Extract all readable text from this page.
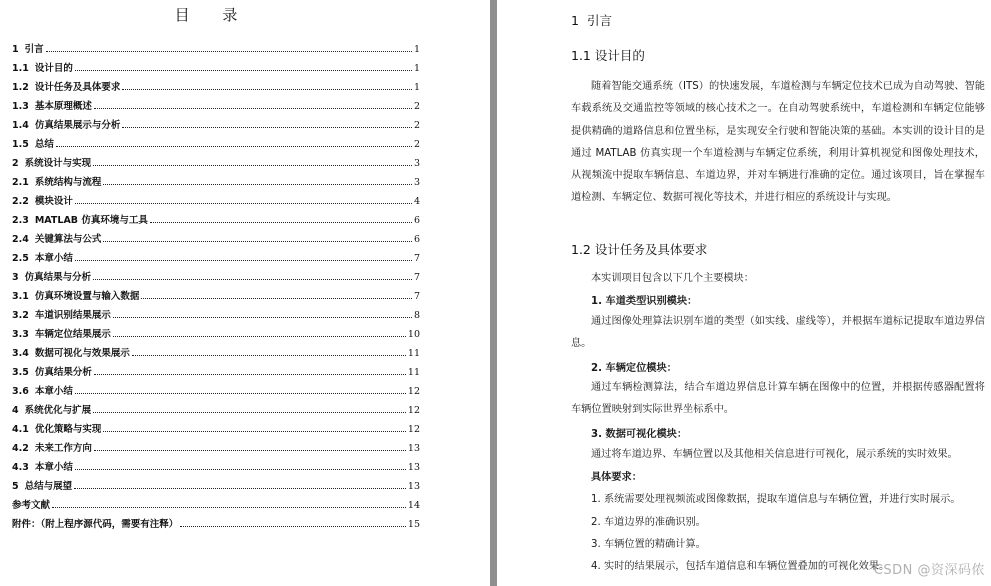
目 录
1 引言	1
1.1 设计目的	1
1.2 设计任务及具体要求	1
1.3 基本原理概述	2
1.4 仿真结果展示与分析	2
1.5 总结	2
2 系统设计与实现	3
2.1 系统结构与流程	3
2.2 模块设计	4
2.3 MATLAB 仿真环境与工具	6
2.4 关键算法与公式	6
2.5 本章小结	7
3 仿真结果与分析	7
3.1 仿真环境设置与输入数据	7
3.2 车道识别结果展示	8
3.3 车辆定位结果展示	10
3.4 数据可视化与效果展示	11
3.5 仿真结果分析	11
3.6 本章小结	12
4 系统优化与扩展	12
4.1 优化策略与实现	12
4.2 未来工作方向	13
4.3 本章小结	13
5 总结与展望	13
参考文献	14
附件：（附上程序源代码，需要有注释）	15
1 引言
1.1 设计目的

随着智能交通系统（ITS）的快速发展，车道检测与车辆定位技术已成为自动驾驶、智能车载系统及交通监控等领域的核心技术之一。在自动驾驶系统中，车道检测和车辆定位能够提供精确的道路信息和位置坐标，是实现安全行驶和智能决策的基础。本实训的设计目的是通过 MATLAB 仿真实现一个车道检测与车辆定位系统，利用计算机视觉和图像处理技术，从视频流中提取车辆信息、车道边界，并对车辆进行准确的定位。通过该项目，旨在掌握车道检测、车辆定位、数据可视化等技术，并进行相应的系统设计与实现。

1.2 设计任务及具体要求
本实训项目包含以下几个主要模块：
1. 车道类型识别模块：

通过图像处理算法识别车道的类型（如实线、虚线等），并根据车道标记提取车道边界信息。

2. 车辆定位模块：

通过车辆检测算法，结合车道边界信息计算车辆在图像中的位置，并根据传感器配置将车辆位置映射到实际世界坐标系中。

3. 数据可视化模块：
通过将车道边界、车辆位置以及其他相关信息进行可视化，展示系统的实时效果。
具体要求：
1. 系统需要处理视频流或图像数据，提取车道信息与车辆位置，并进行实时展示。
2. 车道边界的准确识别。
3. 车辆位置的精确计算。
4. 实时的结果展示，包括车道信息和车辆位置叠加的可视化效果。
CSDN @资深码侬
